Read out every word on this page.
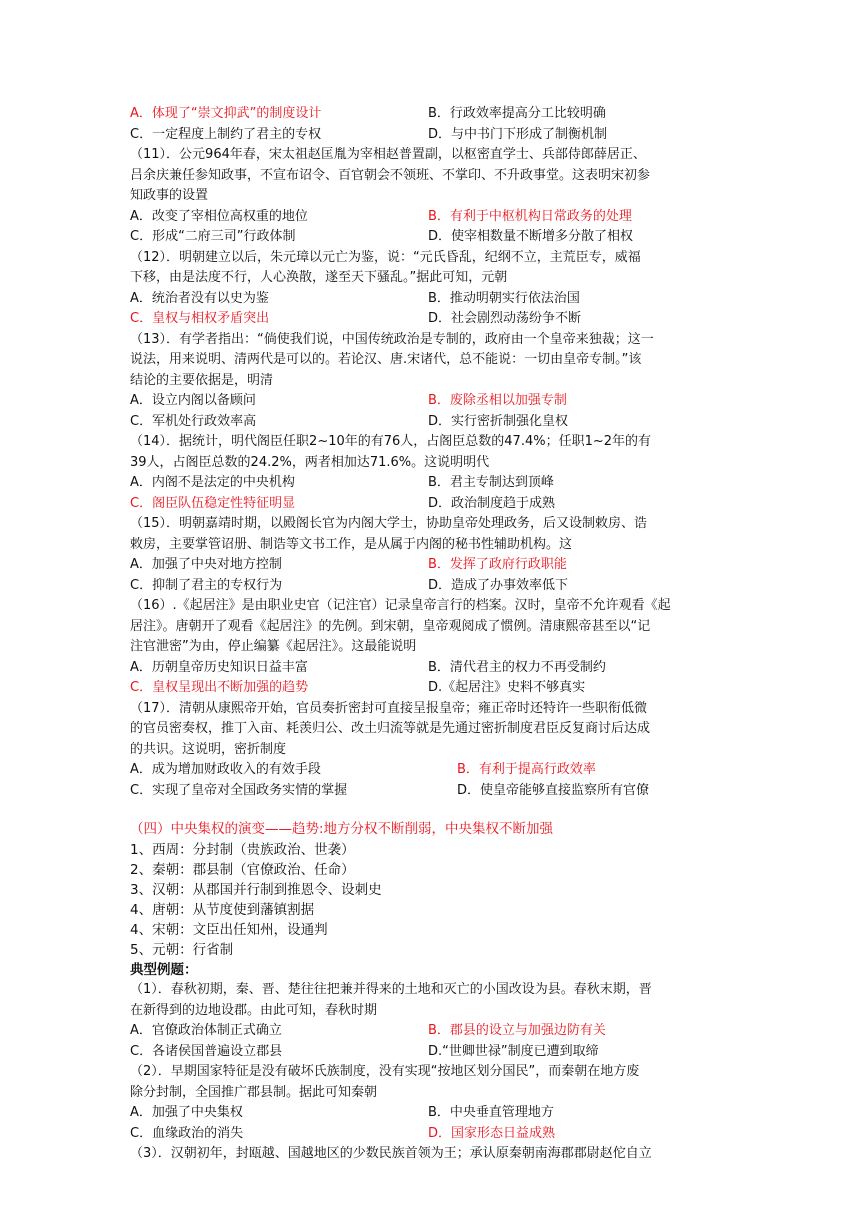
A．体现了“崇文抑武”的制度设计	B．行政效率提高分工比较明确
C．一定程度上制约了君主的专权	D．与中书门下形成了制衡机制
（11）．公元964年春，宋太祖赵匡胤为宰相赵普置副，以枢密直学士、兵部侍郎薛居正、
吕余庆兼任参知政事，不宣布诏令、百官朝会不领班、不掌印、不升政事堂。这表明宋初参
知政事的设置
A．改变了宰相位高权重的地位	B．有利于中枢机构日常政务的处理
C．形成“二府三司”行政体制	D．使宰相数量不断增多分散了相权
（12）．明朝建立以后，朱元璋以元亡为鉴，说：“元氏昏乱，纪纲不立，主荒臣专，威福
下移，由是法度不行，人心涣散，遂至天下骚乱。”据此可知，元朝
A．统治者没有以史为鉴	B．推动明朝实行依法治国
C．皇权与相权矛盾突出	D．社会剧烈动荡纷争不断
（13）．有学者指出：“倘使我们说，中国传统政治是专制的，政府由一个皇帝来独裁；这一
说法，用来说明、清两代是可以的。若论汉、唐.宋诸代，总不能说：一切由皇帝专制。”该
结论的主要依据是，明清
A．设立内阁以备顾问	B．废除丞相以加强专制
C．军机处行政效率高	D．实行密折制强化皇权
（14）．据统计，明代阁臣任职2~10年的有76人，占阁臣总数的47.4%；任职1~2年的有
39人，占阁臣总数的24.2%，两者相加达71.6%。这说明明代
A．内阁不是法定的中央机构	B．君主专制达到顶峰
C．阁臣队伍稳定性特征明显	D．政治制度趋于成熟
（15）．明朝嘉靖时期，以殿阁长官为内阁大学士，协助皇帝处理政务，后又设制敕房、诰
敕房，主要掌管诏册、制诰等文书工作，是从属于内阁的秘书性辅助机构。这
A．加强了中央对地方控制	B．发挥了政府行政职能
C．抑制了君主的专权行为	D．造成了办事效率低下
（16）.《起居注》是由职业史官（记注官）记录皇帝言行的档案。汉时，皇帝不允许观看《起
居注》。唐朝开了观看《起居注》的先例。到宋朝，皇帝观阅成了惯例。清康熙帝甚至以“记
注官泄密”为由，停止编纂《起居注》。这最能说明
A．历朝皇帝历史知识日益丰富	B．清代君主的权力不再受制约
C．皇权呈现出不断加强的趋势	D.《起居注》史料不够真实
（17）．清朝从康熙帝开始，官员奏折密封可直接呈报皇帝；雍正帝时还特许一些职衔低微
的官员密奏权，推丁入亩、耗羡归公、改土归流等就是先通过密折制度君臣反复商讨后达成
的共识。这说明，密折制度
A．成为增加财政收入的有效手段	B．有利于提高行政效率
C．实现了皇帝对全国政务实情的掌握	D．使皇帝能够直接监察所有官僚
（四）中央集权的演变——趋势:地方分权不断削弱，中央集权不断加强
1、西周：分封制（贵族政治、世袭）
2、秦朝：郡县制（官僚政治、任命）
3、汉朝：从郡国并行制到推恩令、设刺史
4、唐朝：从节度使到藩镇割据
4、宋朝：文臣出任知州，设通判
5、元朝：行省制
典型例题：
（1）．春秋初期，秦、晋、楚往往把兼并得来的土地和灭亡的小国改设为县。春秋末期，晋
在新得到的边地设郡。由此可知，春秋时期
A．官僚政治体制正式确立	B．郡县的设立与加强边防有关
C．各诸侯国普遍设立郡县	D.“世卿世禄”制度已遭到取缔
（2）．早期国家特征是没有破坏氏族制度，没有实现“按地区划分国民”，而秦朝在地方废
除分封制，全国推广郡县制。据此可知秦朝
A．加强了中央集权	B．中央垂直管理地方
C．血缘政治的消失	D．国家形态日益成熟
（3）．汉朝初年，封瓯越、国越地区的少数民族首领为王；承认原秦朝南海郡郡尉赵佗自立
